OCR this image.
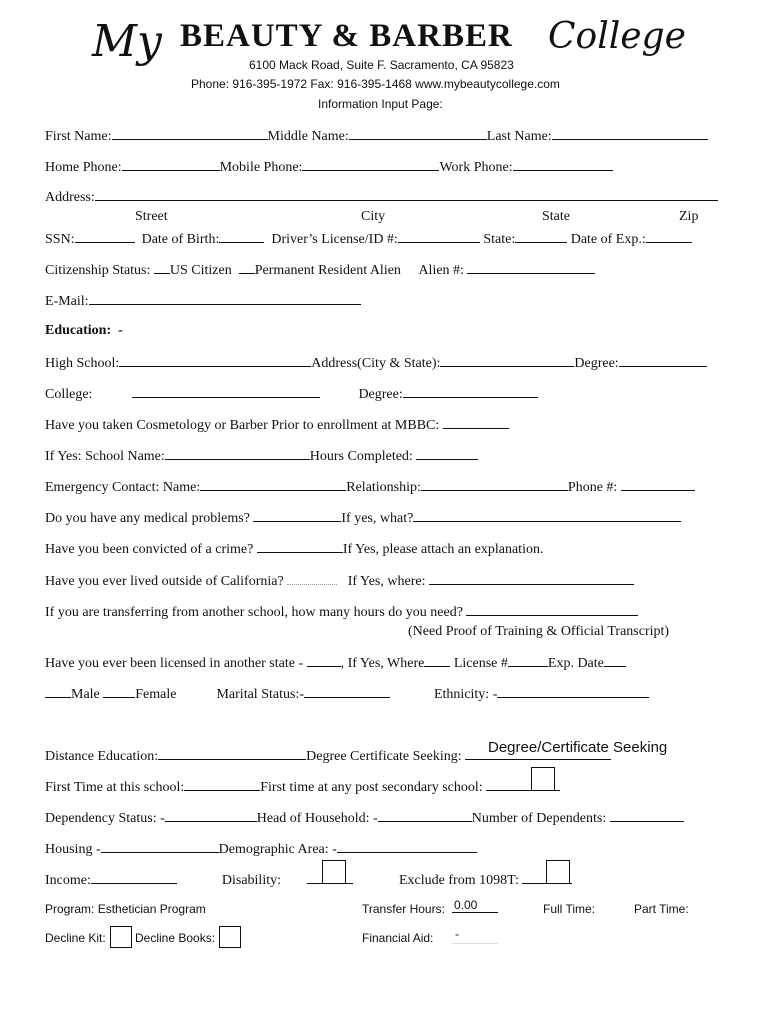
My BEAUTY & BARBER College
6100 Mack Road, Suite F. Sacramento, CA 95823
Phone: 916-395-1972 Fax: 916-395-1468 www.mybeautycollege.com
Information Input Page:
First Name:	Middle Name:	Last Name:
Home Phone:	Mobile Phone:	Work Phone:
Address:
Street	City	State	Zip
SSN:	Date of Birth:	Driver’s License/ID #:	State:	Date of Exp.:
Citizenship Status: US Citizen Permanent Resident Alien Alien #:
E-Mail:
Education: -
High School:	Address(City & State):	Degree:
College:	Degree:
Have you taken Cosmetology or Barber Prior to enrollment at MBBC:
If Yes: School Name:	Hours Completed:
Emergency Contact: Name:	Relationship:	Phone #:
Do you have any medical problems?	If yes, what?
Have you been convicted of a crime?	If Yes, please attach an explanation.
Have you ever lived outside of California?	If Yes, where:
If you are transferring from another school, how many hours do you need?
(Need Proof of Training & Official Transcript)
Have you ever been licensed in another state -	, If Yes, Where License #	Exp. Date
Male	Female	Marital Status:-	Ethnicity: -
Distance Education:	Degree Certificate Seeking:
Degree/Certificate Seeking
First Time at this school:	First time at any post secondary school:
Dependency Status: -	Head of Household: -	Number of Dependents:
Housing -	Demographic Area: -
Income:	Disability:	Exclude from 1098T:
Program: Esthetician Program	Transfer Hours: 0.00	Full Time:	Part Time:
Decline Kit: Decline Books:	Financial Aid: -
